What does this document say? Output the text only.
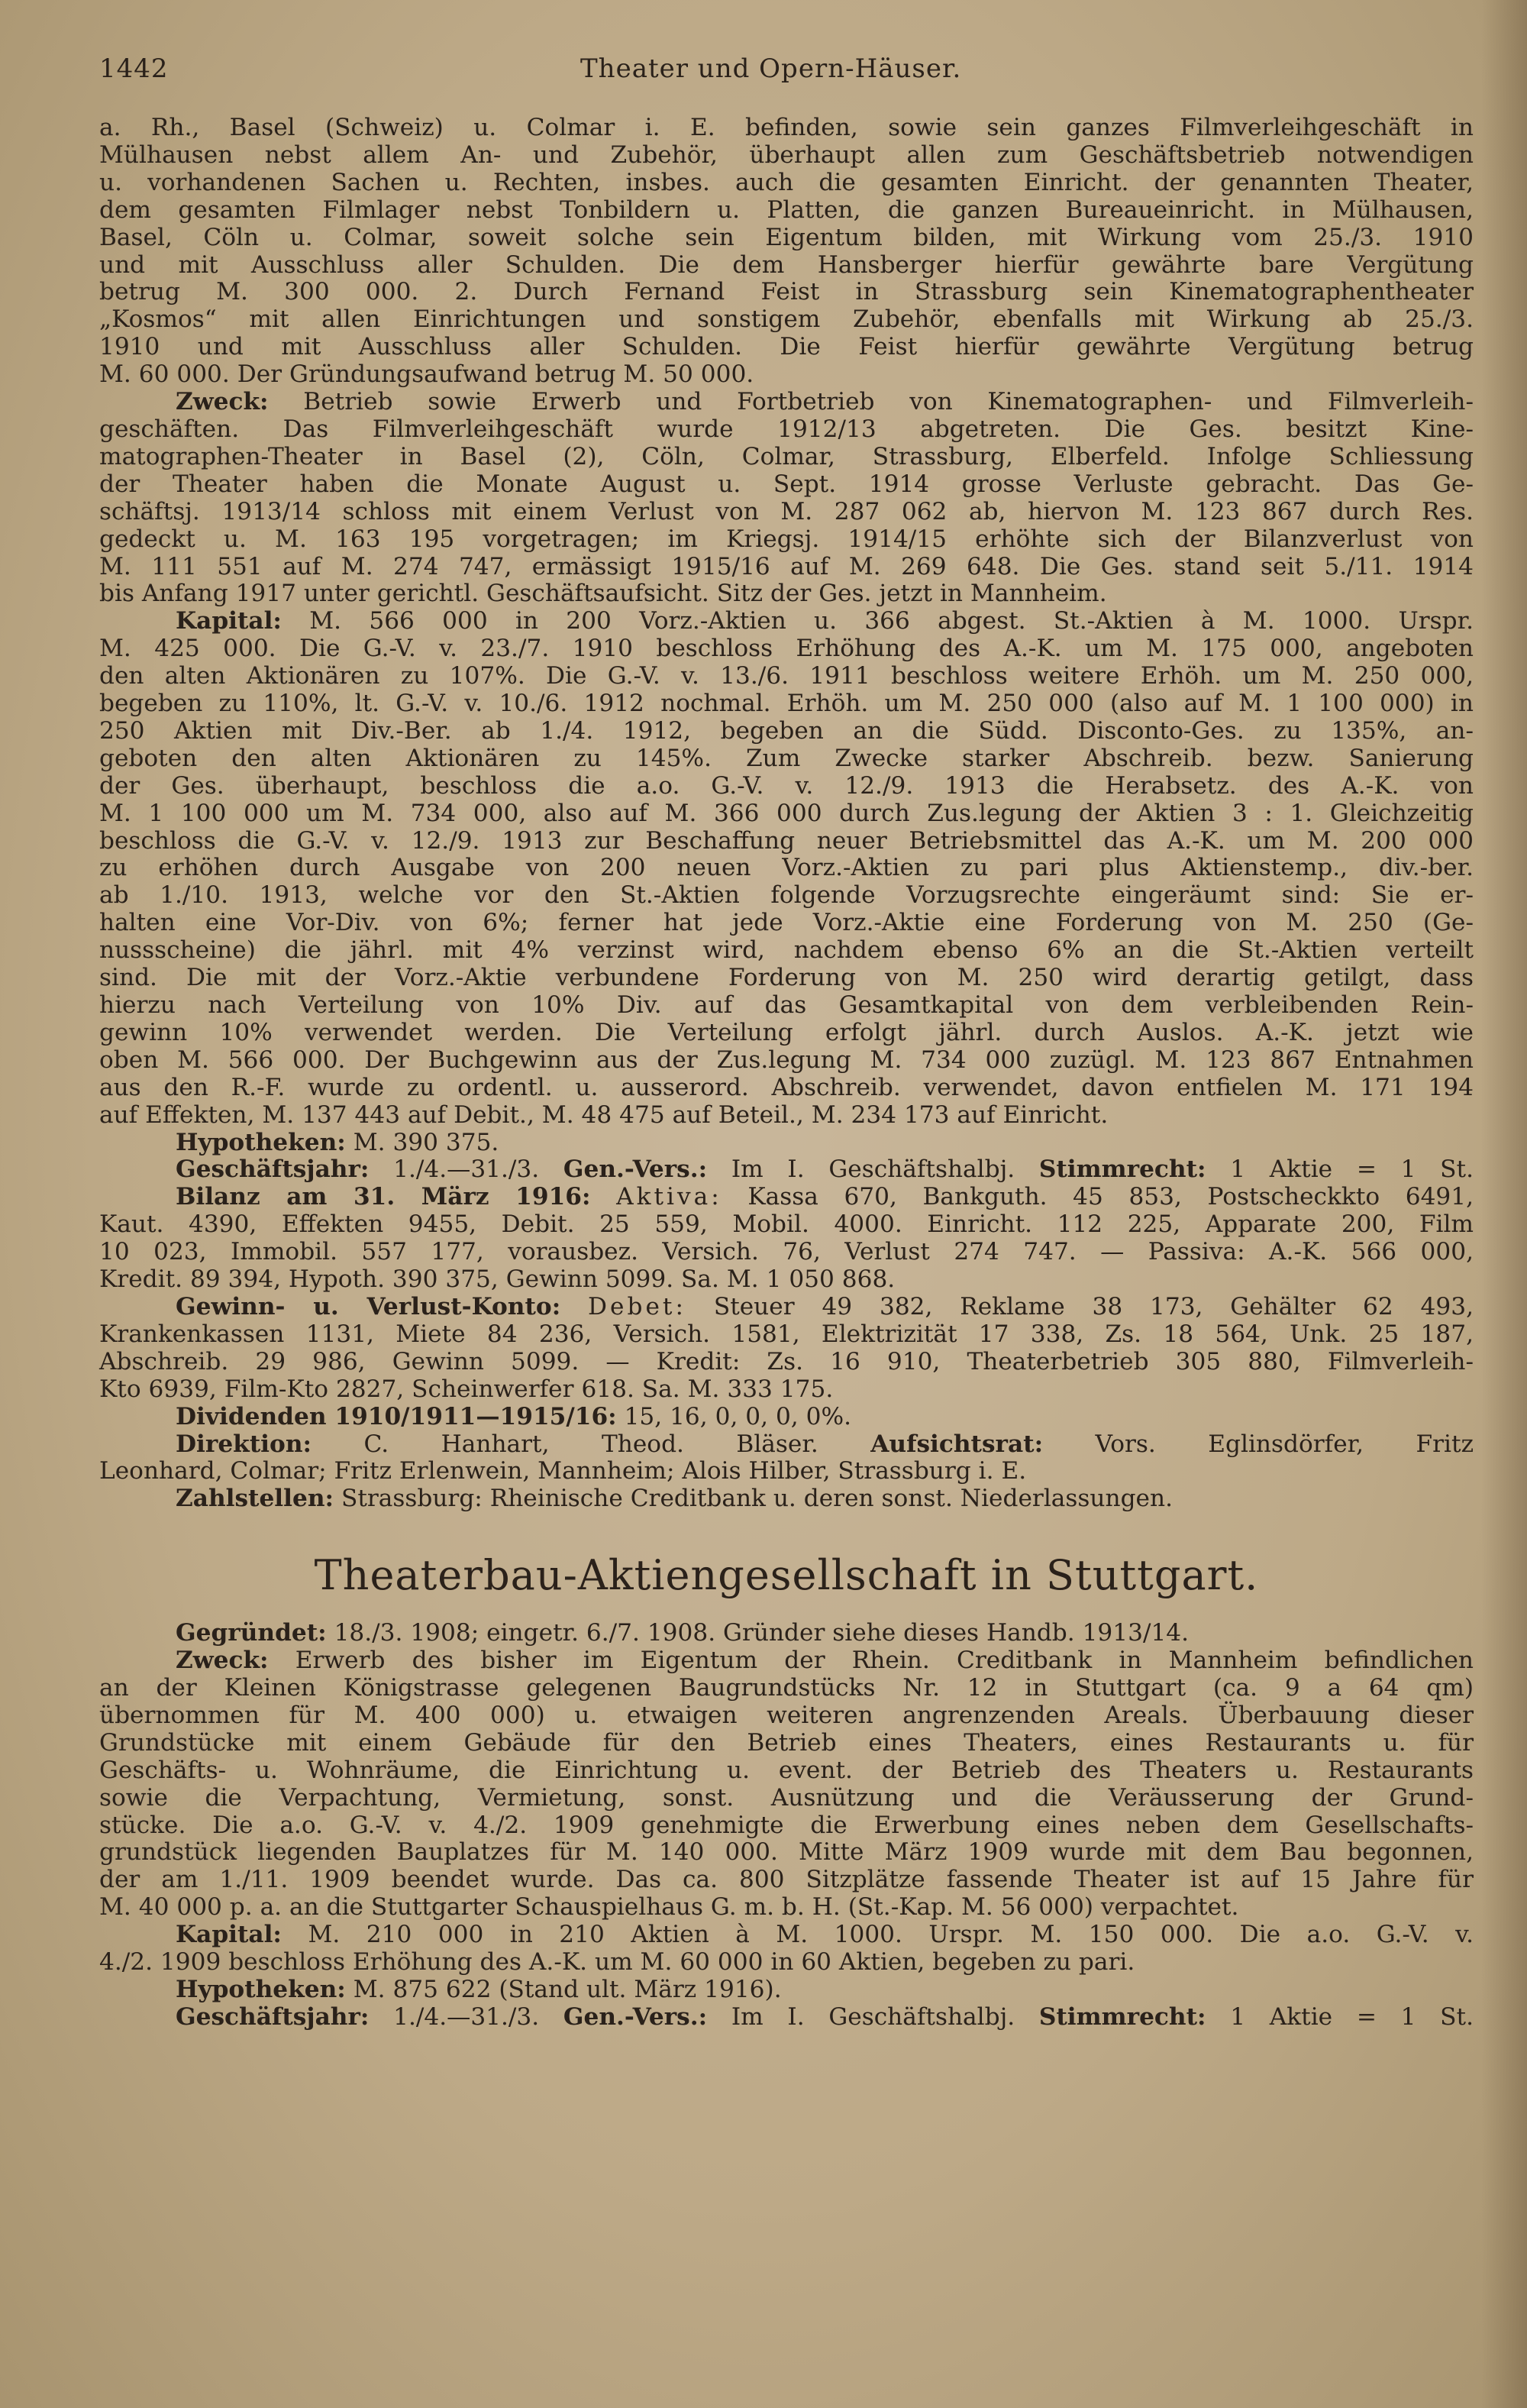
1442	Theater und Opern-Häuser.

a. Rh., Basel (Schweiz) u. Colmar i. E. befinden, sowie sein ganzes Filmverleihgeschäft in

Mülhausen nebst allem An- und Zubehör, überhaupt allen zum Geschäftsbetrieb notwendigen

u. vorhandenen Sachen u. Rechten, insbes. auch die gesamten Einricht. der genannten Theater,

dem gesamten Filmlager nebst Tonbildern u. Platten, die ganzen Bureaueinricht. in Mülhausen,

Basel, Cöln u. Colmar, soweit solche sein Eigentum bilden, mit Wirkung vom 25./3. 1910

und mit Ausschluss aller Schulden. Die dem Hansberger hierfür gewährte bare Vergütung

betrug M. 300 000. 2. Durch Fernand Feist in Strassburg sein Kinematographentheater

„Kosmos“ mit allen Einrichtungen und sonstigem Zubehör, ebenfalls mit Wirkung ab 25./3.

1910 und mit Ausschluss aller Schulden. Die Feist hierfür gewährte Vergütung betrug

M. 60 000. Der Gründungsaufwand betrug M. 50 000.

Zweck: Betrieb sowie Erwerb und Fortbetrieb von Kinematographen- und Filmverleih-

geschäften. Das Filmverleihgeschäft wurde 1912/13 abgetreten. Die Ges. besitzt Kine-

matographen-Theater in Basel (2), Cöln, Colmar, Strassburg, Elberfeld. Infolge Schliessung

der Theater haben die Monate August u. Sept. 1914 grosse Verluste gebracht. Das Ge-

schäftsj. 1913/14 schloss mit einem Verlust von M. 287 062 ab, hiervon M. 123 867 durch Res.

gedeckt u. M. 163 195 vorgetragen; im Kriegsj. 1914/15 erhöhte sich der Bilanzverlust von

M. 111 551 auf M. 274 747, ermässigt 1915/16 auf M. 269 648. Die Ges. stand seit 5./11. 1914

bis Anfang 1917 unter gerichtl. Geschäftsaufsicht. Sitz der Ges. jetzt in Mannheim.

Kapital: M. 566 000 in 200 Vorz.-Aktien u. 366 abgest. St.-Aktien à M. 1000. Urspr.

M. 425 000. Die G.-V. v. 23./7. 1910 beschloss Erhöhung des A.-K. um M. 175 000, angeboten

den alten Aktionären zu 107%. Die G.-V. v. 13./6. 1911 beschloss weitere Erhöh. um M. 250 000,

begeben zu 110%, lt. G.-V. v. 10./6. 1912 nochmal. Erhöh. um M. 250 000 (also auf M. 1 100 000) in

250 Aktien mit Div.-Ber. ab 1./4. 1912, begeben an die Südd. Disconto-Ges. zu 135%, an-

geboten den alten Aktionären zu 145%. Zum Zwecke starker Abschreib. bezw. Sanierung

der Ges. überhaupt, beschloss die a.o. G.-V. v. 12./9. 1913 die Herabsetz. des A.-K. von

M. 1 100 000 um M. 734 000, also auf M. 366 000 durch Zus.legung der Aktien 3 : 1. Gleichzeitig

beschloss die G.-V. v. 12./9. 1913 zur Beschaffung neuer Betriebsmittel das A.-K. um M. 200 000

zu erhöhen durch Ausgabe von 200 neuen Vorz.-Aktien zu pari plus Aktienstemp., div.-ber.

ab 1./10. 1913, welche vor den St.-Aktien folgende Vorzugsrechte eingeräumt sind: Sie er-

halten eine Vor-Div. von 6%; ferner hat jede Vorz.-Aktie eine Forderung von M. 250 (Ge-

nussscheine) die jährl. mit 4% verzinst wird, nachdem ebenso 6% an die St.-Aktien verteilt

sind. Die mit der Vorz.-Aktie verbundene Forderung von M. 250 wird derartig getilgt, dass

hierzu nach Verteilung von 10% Div. auf das Gesamtkapital von dem verbleibenden Rein-

gewinn 10% verwendet werden. Die Verteilung erfolgt jährl. durch Auslos. A.-K. jetzt wie

oben M. 566 000. Der Buchgewinn aus der Zus.legung M. 734 000 zuzügl. M. 123 867 Entnahmen

aus den R.-F. wurde zu ordentl. u. ausserord. Abschreib. verwendet, davon entfielen M. 171 194

auf Effekten, M. 137 443 auf Debit., M. 48 475 auf Beteil., M. 234 173 auf Einricht.

Hypotheken: M. 390 375.

Geschäftsjahr: 1./4.—31./3. Gen.-Vers.: Im I. Geschäftshalbj. Stimmrecht: 1 Aktie = 1 St.

Bilanz am 31. März 1916: Aktiva: Kassa 670, Bankguth. 45 853, Postscheckkto 6491,

Kaut. 4390, Effekten 9455, Debit. 25 559, Mobil. 4000. Einricht. 112 225, Apparate 200, Film

10 023, Immobil. 557 177, vorausbez. Versich. 76, Verlust 274 747. — Passiva: A.-K. 566 000,

Kredit. 89 394, Hypoth. 390 375, Gewinn 5099. Sa. M. 1 050 868.

Gewinn- u. Verlust-Konto: Debet: Steuer 49 382, Reklame 38 173, Gehälter 62 493,

Krankenkassen 1131, Miete 84 236, Versich. 1581, Elektrizität 17 338, Zs. 18 564, Unk. 25 187,

Abschreib. 29 986, Gewinn 5099. — Kredit: Zs. 16 910, Theaterbetrieb 305 880, Filmverleih-

Kto 6939, Film-Kto 2827, Scheinwerfer 618. Sa. M. 333 175.

Dividenden 1910/1911—1915/16: 15, 16, 0, 0, 0, 0%.

Direktion: C. Hanhart, Theod. Bläser. Aufsichtsrat: Vors. Eglinsdörfer, Fritz

Leonhard, Colmar; Fritz Erlenwein, Mannheim; Alois Hilber, Strassburg i. E.

Zahlstellen: Strassburg: Rheinische Creditbank u. deren sonst. Niederlassungen.

Theaterbau-Aktiengesellschaft in Stuttgart.

Gegründet: 18./3. 1908; eingetr. 6./7. 1908. Gründer siehe dieses Handb. 1913/14.

Zweck: Erwerb des bisher im Eigentum der Rhein. Creditbank in Mannheim befindlichen

an der Kleinen Königstrasse gelegenen Baugrundstücks Nr. 12 in Stuttgart (ca. 9 a 64 qm)

übernommen für M. 400 000) u. etwaigen weiteren angrenzenden Areals. Überbauung dieser

Grundstücke mit einem Gebäude für den Betrieb eines Theaters, eines Restaurants u. für

Geschäfts- u. Wohnräume, die Einrichtung u. event. der Betrieb des Theaters u. Restaurants

sowie die Verpachtung, Vermietung, sonst. Ausnützung und die Veräusserung der Grund-

stücke. Die a.o. G.-V. v. 4./2. 1909 genehmigte die Erwerbung eines neben dem Gesellschafts-

grundstück liegenden Bauplatzes für M. 140 000. Mitte März 1909 wurde mit dem Bau begonnen,

der am 1./11. 1909 beendet wurde. Das ca. 800 Sitzplätze fassende Theater ist auf 15 Jahre für

M. 40 000 p. a. an die Stuttgarter Schauspielhaus G. m. b. H. (St.-Kap. M. 56 000) verpachtet.

Kapital: M. 210 000 in 210 Aktien à M. 1000. Urspr. M. 150 000. Die a.o. G.-V. v.

4./2. 1909 beschloss Erhöhung des A.-K. um M. 60 000 in 60 Aktien, begeben zu pari.

Hypotheken: M. 875 622 (Stand ult. März 1916).

Geschäftsjahr: 1./4.—31./3. Gen.-Vers.: Im I. Geschäftshalbj. Stimmrecht: 1 Aktie = 1 St.
